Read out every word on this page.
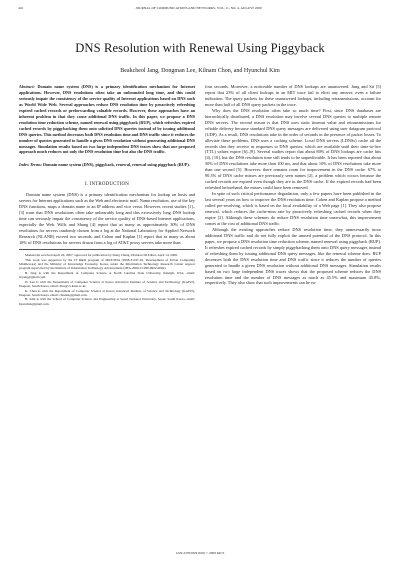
416	JOURNAL OF COMMUNICATIONS AND NETWORKS, VOL. 11, NO. 4, AUGUST 2009
DNS Resolution with Renewal Using Piggyback
Beakcheol Jang, Dongman Lee, Kilnam Chon, and Hyunchul Kim

Abstract: Domain name system (DNS) is a primary identification mechanism for Internet applications. However, DNS resolutions often take an unbounded long time, and this could seriously impair the consistency of the service quality of Internet applications based on DNS such as World Wide Web. Several approaches reduce DNS resolution time by proactively refreshing expired cached records or preforwarding valuable records. However, these approaches have an inherent problem in that they cause additional DNS traffic. In this paper, we propose a DNS resolution time reduction scheme, named renewal using piggyback (RUP), which refreshes expired cached records by piggybacking them onto solicited DNS queries instead of by issuing additional DNS queries. This method decreases both DNS resolution time and DNS traffic since it reduces the number of queries generated to handle a given DNS resolution without generating additional DNS messages. Simulation results based on two large independent DNS traces show that our proposed approach much reduces not only the DNS resolution time but also the DNS traffic.

Index Terms: Domain name system (DNS), piggyback, renewal, renewal using piggyback (RUP).

I. INTRODUCTION

Domain name system (DNS) is a primary identification mechanism for lookup on hosts and servers for Internet applications such as the Web and electronic mail. Name resolution, use of the key DNS functions, maps a domain name to an IP address and vice versa. However, recent studies [1]–[3] warn that DNS resolutions often take unbearably long and this excessively long DNS lookup time can seriously impair the consistency of the service quality of DNS-based Internet applications, especially the Web. Wills and Shang [4] report that as many as approximately 30% of DNS resolutions for servers randomly chosen from a log at the National Laboratory for Applied Network Research (NLANR) exceed two seconds, and Cohen and Kaplan [1] report that as many as about 10% of DNS resolutions for servers drawn from a log of AT&T proxy servers take more than

Manuscript received April 29, 2007; approved for publication by Dong Cheng, Division III Editor, April 14, 2009.

This work was supported by the IT R&D program of MKE/IITA [2008-F-047-02, Development of Urban Computing Middleware] and the Ministry of Knowledge Economy, Korea, under the Information Technology Research Center support program supervised by the Institute of Information Technology Advancement (IITA-2009-C1090-0902-0004).

B. Jang is with the Department of Computer Science at North Carolina State University, Raleigh, USA, email: bcjang@gmail.com.

D. Lee is with the Department of Computer Science at Korea Advanced Institute of Science and Technology (KAIST), Daejeon, South Korea, email: dlee@cs.kaist.ac.kr.

K. Chon is with the Department of Computer Science at Korea Advanced Institute of Science and Technology (KAIST), Daejeon, South Korea, email: chonkn@gmail.com.

H. Kim is with the School of Computer Science and Engineering at Seoul National University, Seoul, South Korea, email: hyunchul@gmail.com.

four seconds. Moreover, a noticeable number of DNS lookups are unanswered. Jung and Sit [5] report that 23% of all client lookups in an MIT trace fail to elicit any answer, even a failure indication. The query packets for these unanswered lookups, including retransmissions, account for more than half of all DNS query packets in the trace.

Why does the DNS resolution often take so much time? First, since DNS databases are hierarchically distributed, a DNS resolution may involve several DNS queries to multiple remote DNS servers. The second reason is that DNS uses static timeout value and retransmissions for reliable delivery because standard DNS query messages are delivered using user datagram protocol (UDP). As a result, DNS resolutions take in the order of seconds in the presence of packet losses. To alleviate these problems, DNS uses a caching scheme. Local DNS servers (LDNSs) cache all the records that they receive as responses to DNS queries, which are available until their time-to-live (TTL) values expire [6]–[9]. Several studies report that about 80% of DNS lookups are cache hits [4], [10], but the DNS resolution time still tends to be unpredictable. It has been reported that about 50% of DNS resolutions take more than 100 ms, and that about 10% of DNS resolutions take more than one second [5]. However, there remains room for improvement in the DNS cache. 67% to 90.3% of DNS cache misses are previously seen names [2], a problem which occurs because the cached records are expired even though they are in the DNS cache. If the expired records had been refreshed beforehand, the misses could have been removed.

In spite of such critical performance degradation, only a few papers have been published in the last several years on how to improve the DNS resolution time. Cohen and Kaplan propose a method called pre-resolving, which is based on the local availability of a Web page [1]. They also propose renewal, which reduces the cache-miss rate by proactively refreshing cached records when they expire [2]. Although these schemes do reduce DNS resolution time somewhat, this improvement comes at the cost of additional DNS traffic.

Although the existing approaches reduce DNS resolution time, they unnecessarily incur additional DNS traffic and do not fully exploit the unused potential of the DNS protocol. In this paper, we propose a DNS resolution time reduction scheme, named renewal using piggyback (RUP). It refreshes expired cached records by simply piggybacking them onto DNS query messages instead of refreshing them by issuing additional DNS query messages, like the renewal scheme does. RUP decreases both the DNS resolution time and DNS traffic since it reduces the number of queries generated to handle a given DNS resolution without additional DNS messages. Simulation results based on two large independent DNS traces shows that the proposed scheme reduces the DNS resolution time and the number of DNS messages as much as 45.5% and maximum 45.8%, respectively. They also show that such improvements can be ea-

1229-2370/09/$10.00 © 2009 KICS
